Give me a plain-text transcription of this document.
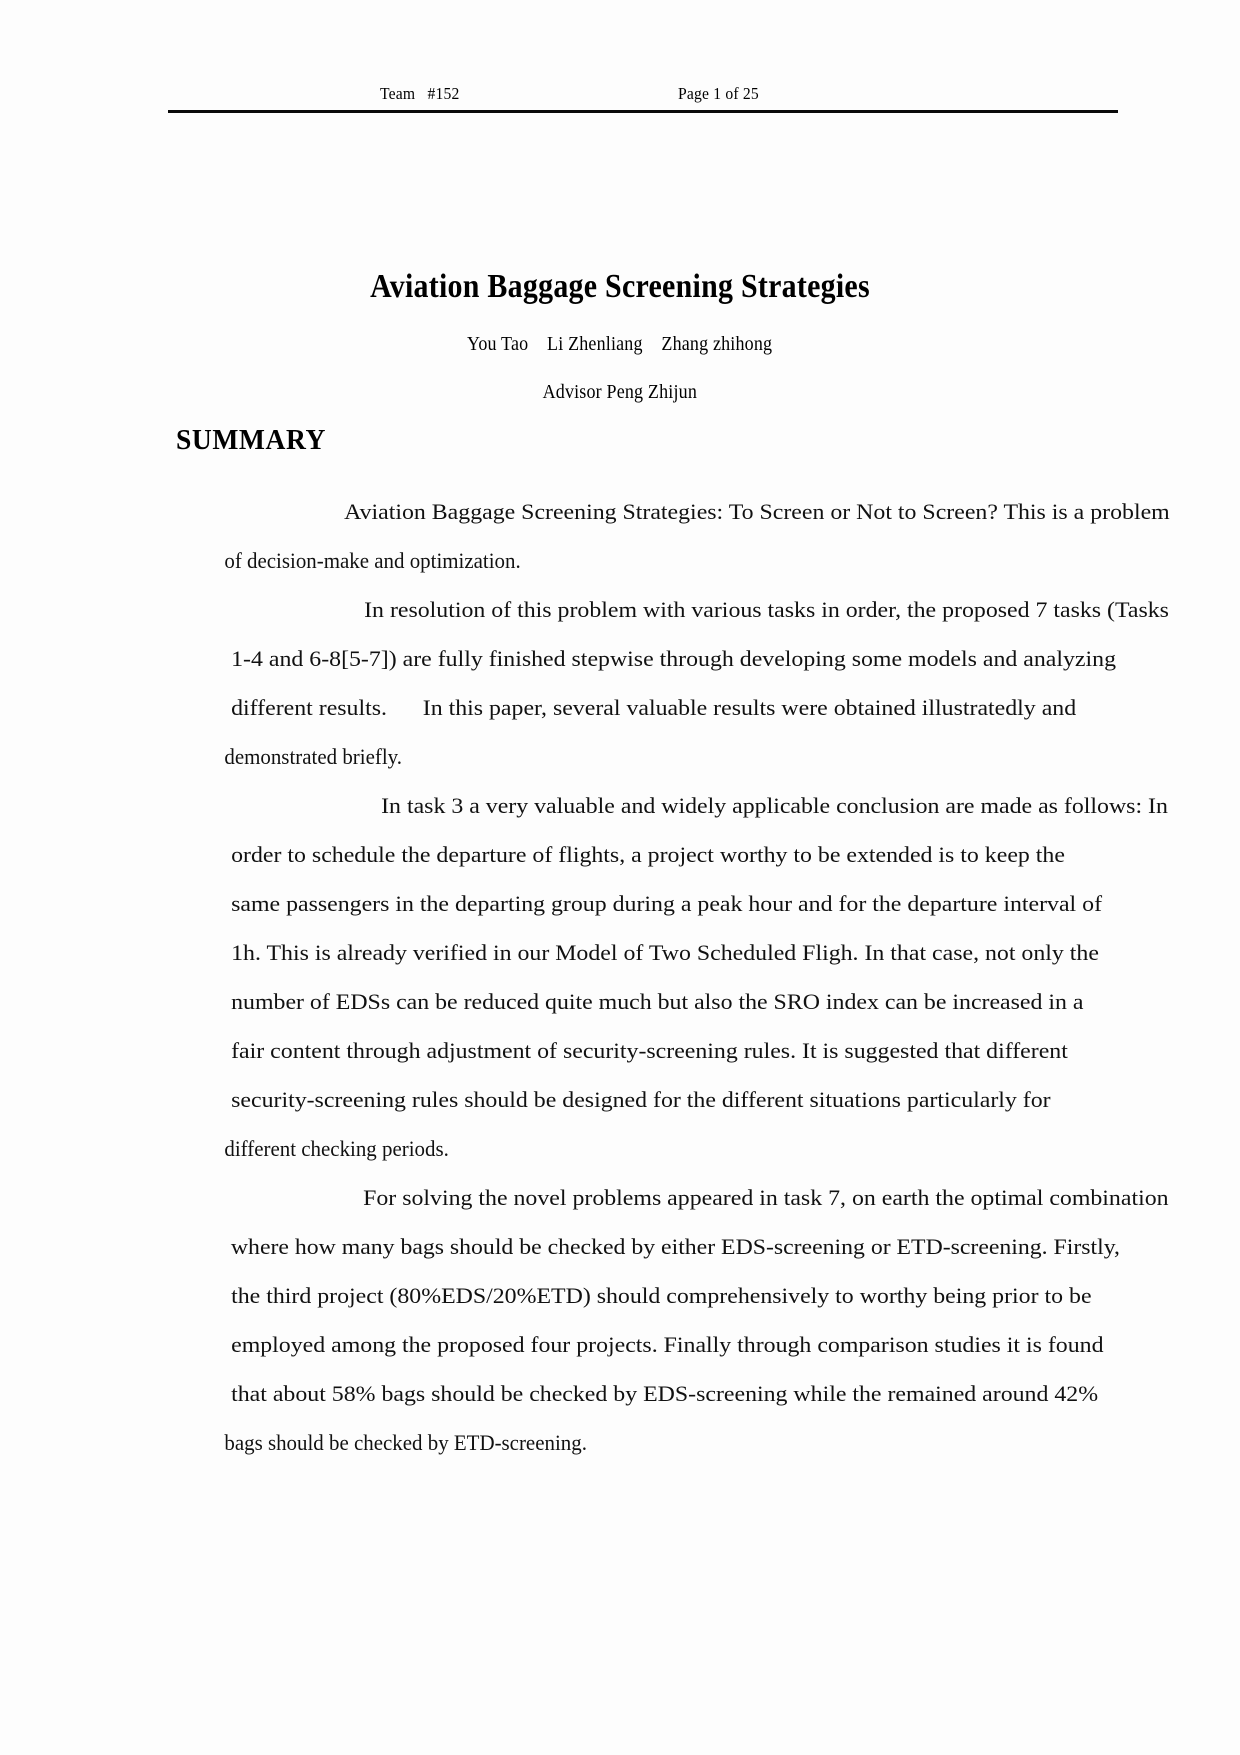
Team   #152	Page 1 of 25
Aviation Baggage Screening Strategies
You Tao    Li Zhenliang    Zhang zhihong
Advisor Peng Zhijun
SUMMARY
Aviation Baggage Screening Strategies: To Screen or Not to Screen? This is a problem
of decision-make and optimization.
In resolution of this problem with various tasks in order, the proposed 7 tasks (Tasks
1-4 and 6-8[5-7]) are fully finished stepwise through developing some models and analyzing
different results.      In this paper, several valuable results were obtained illustratedly and
demonstrated briefly.
In task 3 a very valuable and widely applicable conclusion are made as follows: In
order to schedule the departure of flights, a project worthy to be extended is to keep the
same passengers in the departing group during a peak hour and for the departure interval of
1h. This is already verified in our Model of Two Scheduled Fligh. In that case, not only the
number of EDSs can be reduced quite much but also the SRO index can be increased in a
fair content through adjustment of security-screening rules. It is suggested that different
security-screening rules should be designed for the different situations particularly for
different checking periods.
For solving the novel problems appeared in task 7, on earth the optimal combination
where how many bags should be checked by either EDS-screening or ETD-screening. Firstly,
the third project (80%EDS/20%ETD) should comprehensively to worthy being prior to be
employed among the proposed four projects. Finally through comparison studies it is found
that about 58% bags should be checked by EDS-screening while the remained around 42%
bags should be checked by ETD-screening.
